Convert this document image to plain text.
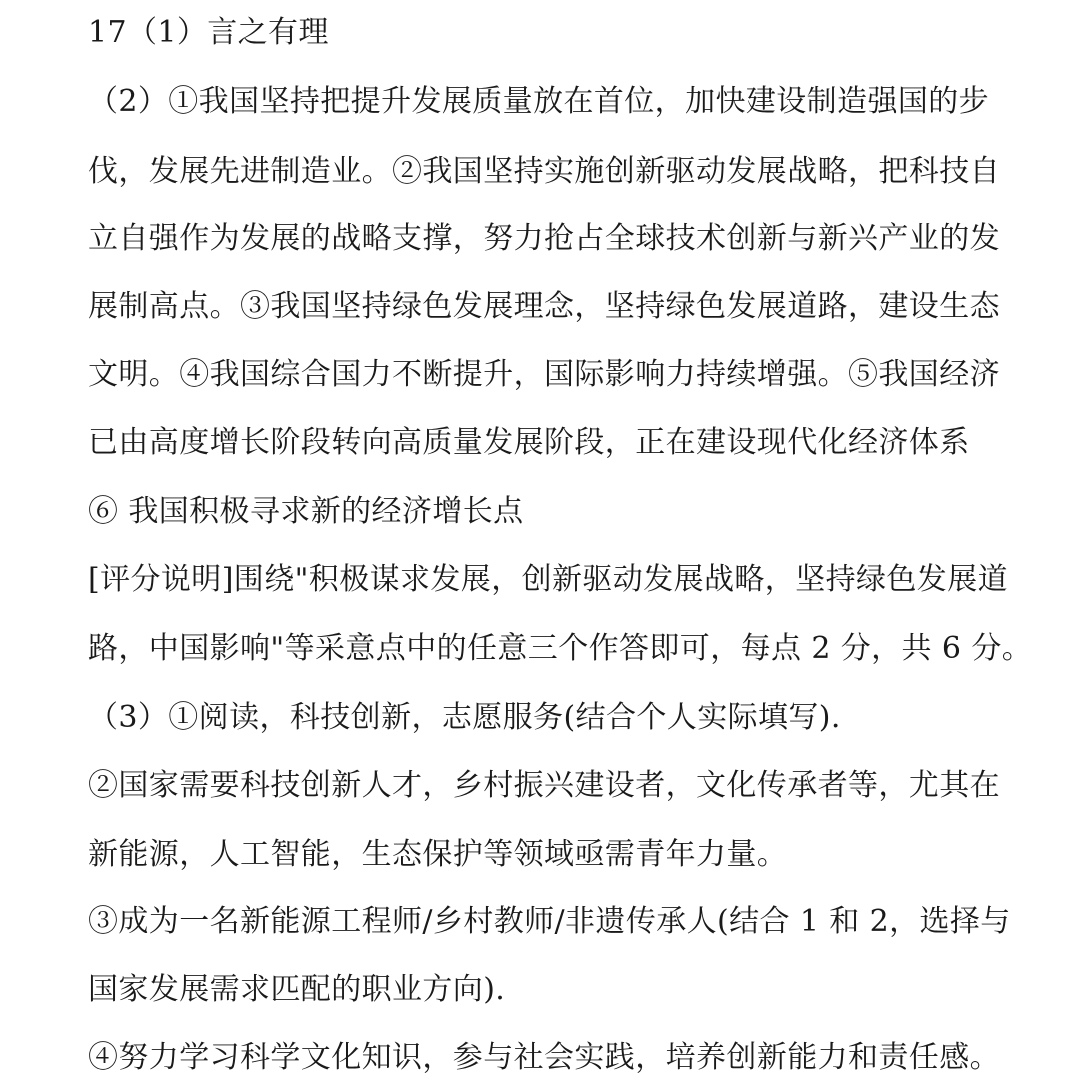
17（1）言之有理
（2）①我国坚持把提升发展质量放在首位，加快建设制造强国的步
伐，发展先进制造业。②我国坚持实施创新驱动发展战略，把科技自
立自强作为发展的战略支撑，努力抢占全球技术创新与新兴产业的发
展制高点。③我国坚持绿色发展理念，坚持绿色发展道路，建设生态
文明。④我国综合国力不断提升，国际影响力持续增强。⑤我国经济
已由高度增长阶段转向高质量发展阶段，正在建设现代化经济体系
⑥ 我国积极寻求新的经济增长点
[评分说明]围绕"积极谋求发展，创新驱动发展战略，坚持绿色发展道
路，中国影响"等采意点中的任意三个作答即可，每点 2 分，共 6 分。
（3）①阅读，科技创新，志愿服务(结合个人实际填写).
②国家需要科技创新人才，乡村振兴建设者，文化传承者等，尤其在
新能源，人工智能，生态保护等领域亟需青年力量。
③成为一名新能源工程师/乡村教师/非遗传承人(结合 1 和 2，选择与
国家发展需求匹配的职业方向).
④努力学习科学文化知识，参与社会实践，培养创新能力和责任感。
